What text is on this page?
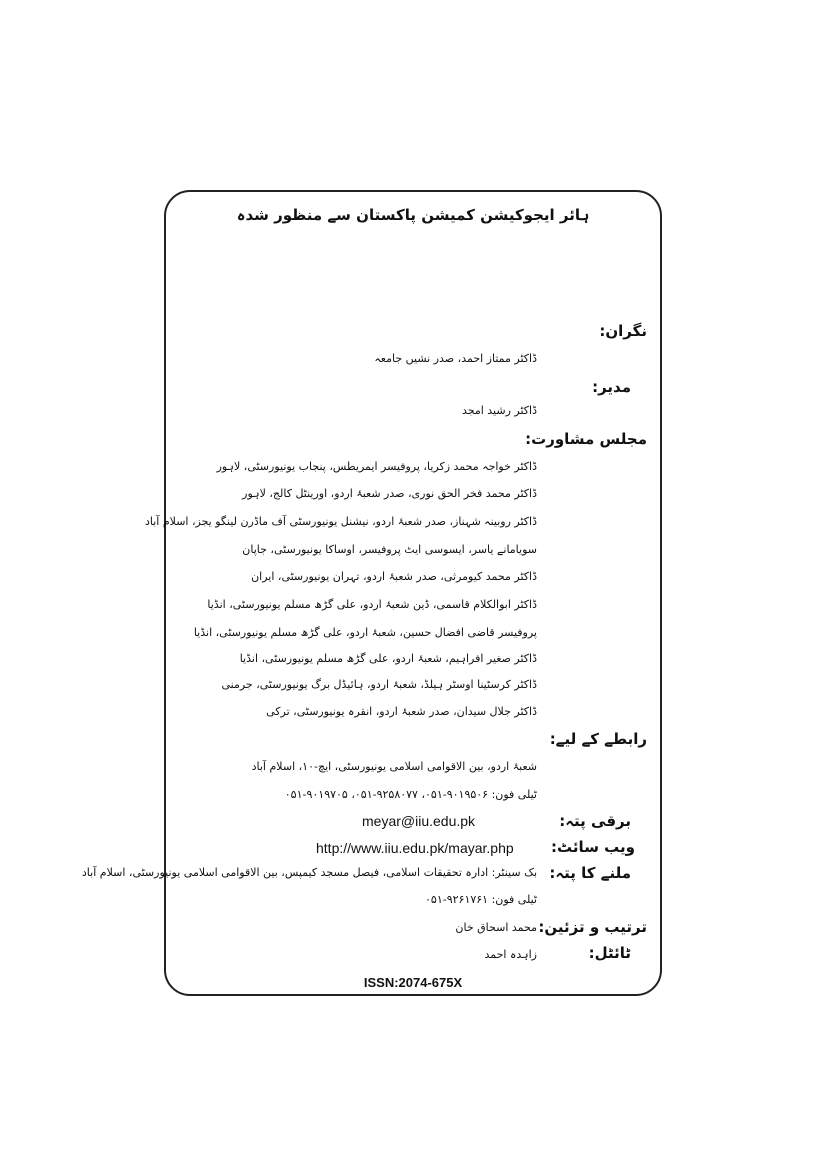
ہائر ایجوکیشن کمیشن پاکستان سے منظور شدہ
نگران:
ڈاکٹر ممتاز احمد، صدر نشیں جامعہ
مدیر:
ڈاکٹر رشید امجد
مجلس مشاورت:
ڈاکٹر خواجہ محمد زکریا، پروفیسر ایمریطس، پنجاب یونیورسٹی، لاہور
ڈاکٹر محمد فخر الحق نوری، صدر شعبۂ اردو، اورینٹل کالج، لاہور
ڈاکٹر روبینہ شہناز، صدر شعبۂ اردو، نیشنل یونیورسٹی آف ماڈرن لینگو یجز، اسلام آباد
سویامانے یاسر، ایسوسی ایٹ پروفیسر، اوساکا یونیورسٹی، جاپان
ڈاکٹر محمد کیومرثی، صدر شعبۂ اردو، تہران یونیورسٹی، ایران
ڈاکٹر ابوالکلام قاسمی، ڈین شعبۂ اردو، علی گڑھ مسلم یونیورسٹی، انڈیا
پروفیسر قاضی افضال حسین، شعبۂ اردو، علی گڑھ مسلم یونیورسٹی، انڈیا
ڈاکٹر صغیر افراہیم، شعبۂ اردو، علی گڑھ مسلم یونیورسٹی، انڈیا
ڈاکٹر کرسٹینا اوسٹر ہیلڈ، شعبۂ اردو، ہائیڈل برگ یونیورسٹی، جرمنی
ڈاکٹر جلال سیدان، صدر شعبۂ اردو، انقرہ یونیورسٹی، ترکی
رابطے کے لیے:
شعبۂ اردو، بین الاقوامی اسلامی یونیورسٹی، ایچ-۱۰، اسلام آباد
ٹیلی فون: ۹۰۱۹۵۰۶-۰۵۱، ۹۲۵۸۰۷۷-۰۵۱، ۹۰۱۹۷۰۵-۰۵۱
برقی پتہ:
meyar@iiu.edu.pk
ویب سائٹ:
http://www.iiu.edu.pk/mayar.php
ملنے کا پتہ:
بک سینٹر: ادارہ تحقیقات اسلامی، فیصل مسجد کیمپس، بین الاقوامی اسلامی یونیورسٹی، اسلام آباد
ٹیلی فون: ۹۲۶۱۷۶۱-۰۵۱
ترتیب و تزئین:
محمد اسحاق خان
ٹائٹل:
زاہدہ احمد
ISSN:2074-675X
